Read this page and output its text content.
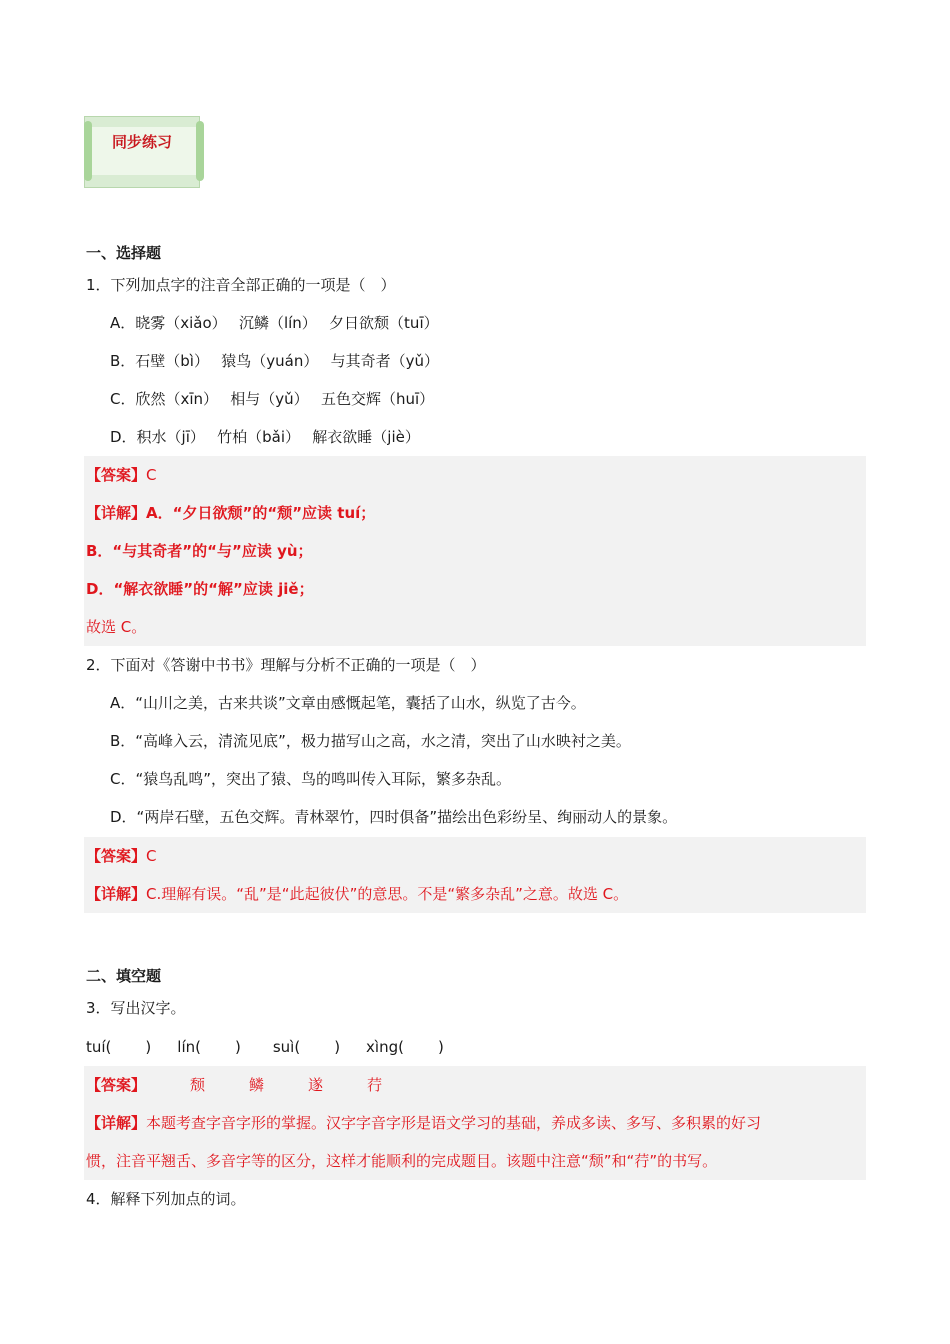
同步练习
一、选择题
1．下列加点字的注音全部正确的一项是（　）
A．晓雾（xiǎo）　 沉鳞（lín）　 夕日欲颓（tuī）
B．石壁（bì）　 猿鸟（yuán）　 与其奇者（yǔ）
C．欣然（xīn）　 相与（yǔ）　 五色交辉（huī）
D．积水（jī）　 竹柏（bǎi）　 解衣欲睡（jiè）
【答案】C
【详解】A．“夕日欲颓”的“颓”应读 tuí；
B．“与其奇者”的“与”应读 yù；
D．“解衣欲睡”的“解”应读 jiě；
故选 C。
2．下面对《答谢中书书》理解与分析不正确的一项是（　）
A．“山川之美，古来共谈”文章由感慨起笔，囊括了山水，纵览了古今。
B．“高峰入云，清流见底”，极力描写山之高，水之清，突出了山水映衬之美。
C．“猿鸟乱鸣”，突出了猿、鸟的鸣叫传入耳际，繁多杂乱。
D．“两岸石壁，五色交辉。青林翠竹，四时俱备”描绘出色彩纷呈、绚丽动人的景象。
【答案】C
【详解】C.理解有误。“乱”是“此起彼伏”的意思。不是“繁多杂乱”之意。故选 C。
二、填空题
3．写出汉字。
tuí( ) lín( ) suì( ) xìng( )
【答案】	颓	鳞	遂	荇
【详解】本题考查字音字形的掌握。汉字字音字形是语文学习的基础，养成多读、多写、多积累的好习
惯，注音平翘舌、多音字等的区分，这样才能顺利的完成题目。该题中注意“颓”和“荇”的书写。
4．解释下列加点的词。
